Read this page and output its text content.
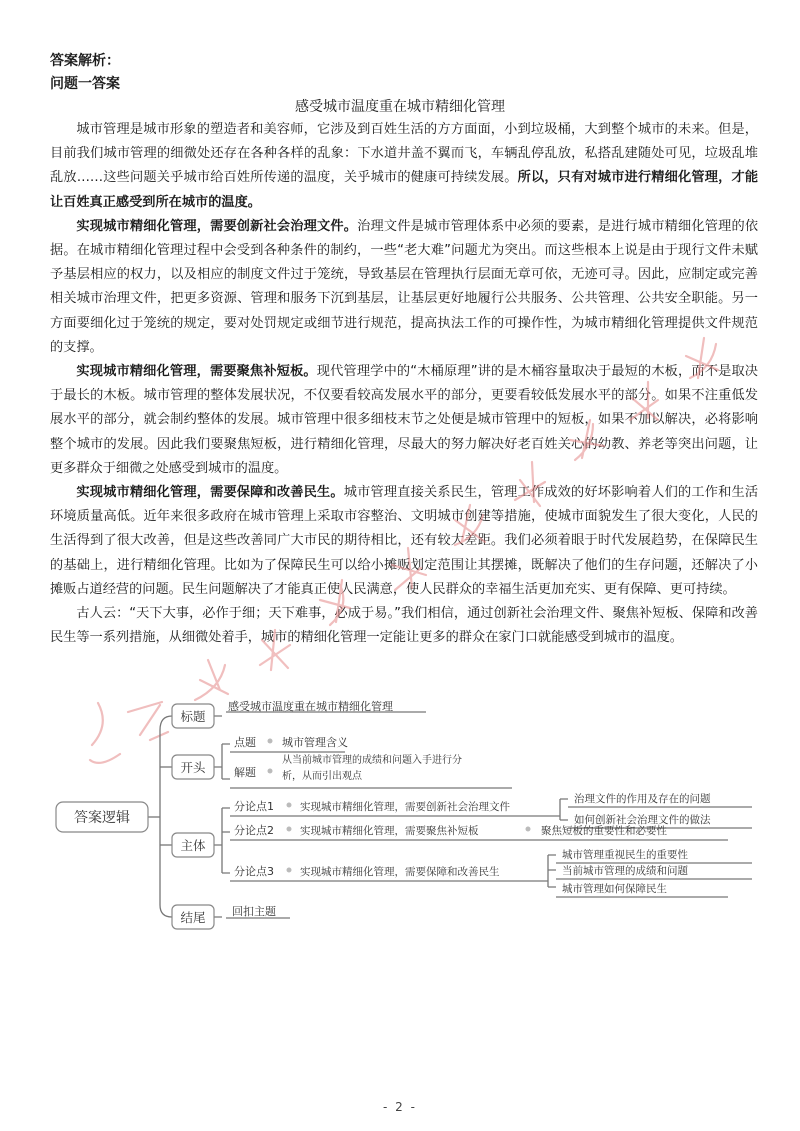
答案解析：
问题一答案
感受城市温度重在城市精细化管理

城市管理是城市形象的塑造者和美容师，它涉及到百姓生活的方方面面，小到垃圾桶，大到整个城市的未来。但是，目前我们城市管理的细微处还存在各种各样的乱象：下水道井盖不翼而飞，车辆乱停乱放，私搭乱建随处可见，垃圾乱堆乱放……这些问题关乎城市给百姓所传递的温度，关乎城市的健康可持续发展。所以，只有对城市进行精细化管理，才能让百姓真正感受到所在城市的温度。

实现城市精细化管理，需要创新社会治理文件。治理文件是城市管理体系中必须的要素，是进行城市精细化管理的依据。在城市精细化管理过程中会受到各种条件的制约，一些“老大难”问题尤为突出。而这些根本上说是由于现行文件未赋予基层相应的权力，以及相应的制度文件过于笼统，导致基层在管理执行层面无章可依，无迹可寻。因此，应制定或完善相关城市治理文件，把更多资源、管理和服务下沉到基层，让基层更好地履行公共服务、公共管理、公共安全职能。另一方面要细化过于笼统的规定，要对处罚规定或细节进行规范，提高执法工作的可操作性，为城市精细化管理提供文件规范的支撑。

实现城市精细化管理，需要聚焦补短板。现代管理学中的“木桶原理”讲的是木桶容量取决于最短的木板，而不是取决于最长的木板。城市管理的整体发展状况，不仅要看较高发展水平的部分，更要看较低发展水平的部分。如果不注重低发展水平的部分，就会制约整体的发展。城市管理中很多细枝末节之处便是城市管理中的短板，如果不加以解决，必将影响整个城市的发展。因此我们要聚焦短板，进行精细化管理，尽最大的努力解决好老百姓关心的幼教、养老等突出问题，让更多群众于细微之处感受到城市的温度。

实现城市精细化管理，需要保障和改善民生。城市管理直接关系民生，管理工作成效的好坏影响着人们的工作和生活环境质量高低。近年来很多政府在城市管理上采取市容整治、文明城市创建等措施，使城市面貌发生了很大变化，人民的生活得到了很大改善，但是这些改善同广大市民的期待相比，还有较大差距。我们必须着眼于时代发展趋势，在保障民生的基础上，进行精细化管理。比如为了保障民生可以给小摊贩划定范围让其摆摊，既解决了他们的生存问题，还解决了小摊贩占道经营的问题。民生问题解决了才能真正使人民满意，使人民群众的幸福生活更加充实、更有保障、更可持续。

古人云：“天下大事，必作于细；天下难事，必成于易。”我们相信，通过创新社会治理文件、聚焦补短板、保障和改善民生等一系列措施，从细微处着手，城市的精细化管理一定能让更多的群众在家门口就能感受到城市的温度。

答案逻辑
标题
开头
主体
结尾
感受城市温度重在城市精细化管理
点题 城市管理含义
解题
从当前城市管理的成绩和问题入手进行分
析，从而引出观点
分论点1 实现城市精细化管理，需要创新社会治理文件
治理文件的作用及存在的问题
如何创新社会治理文件的做法
分论点2 实现城市精细化管理，需要聚焦补短板	聚焦短板的重要性和必要性
分论点3 实现城市精细化管理，需要保障和改善民生
城市管理重视民生的重要性
当前城市管理的成绩和问题
城市管理如何保障民生
回扣主题
- 2 -
